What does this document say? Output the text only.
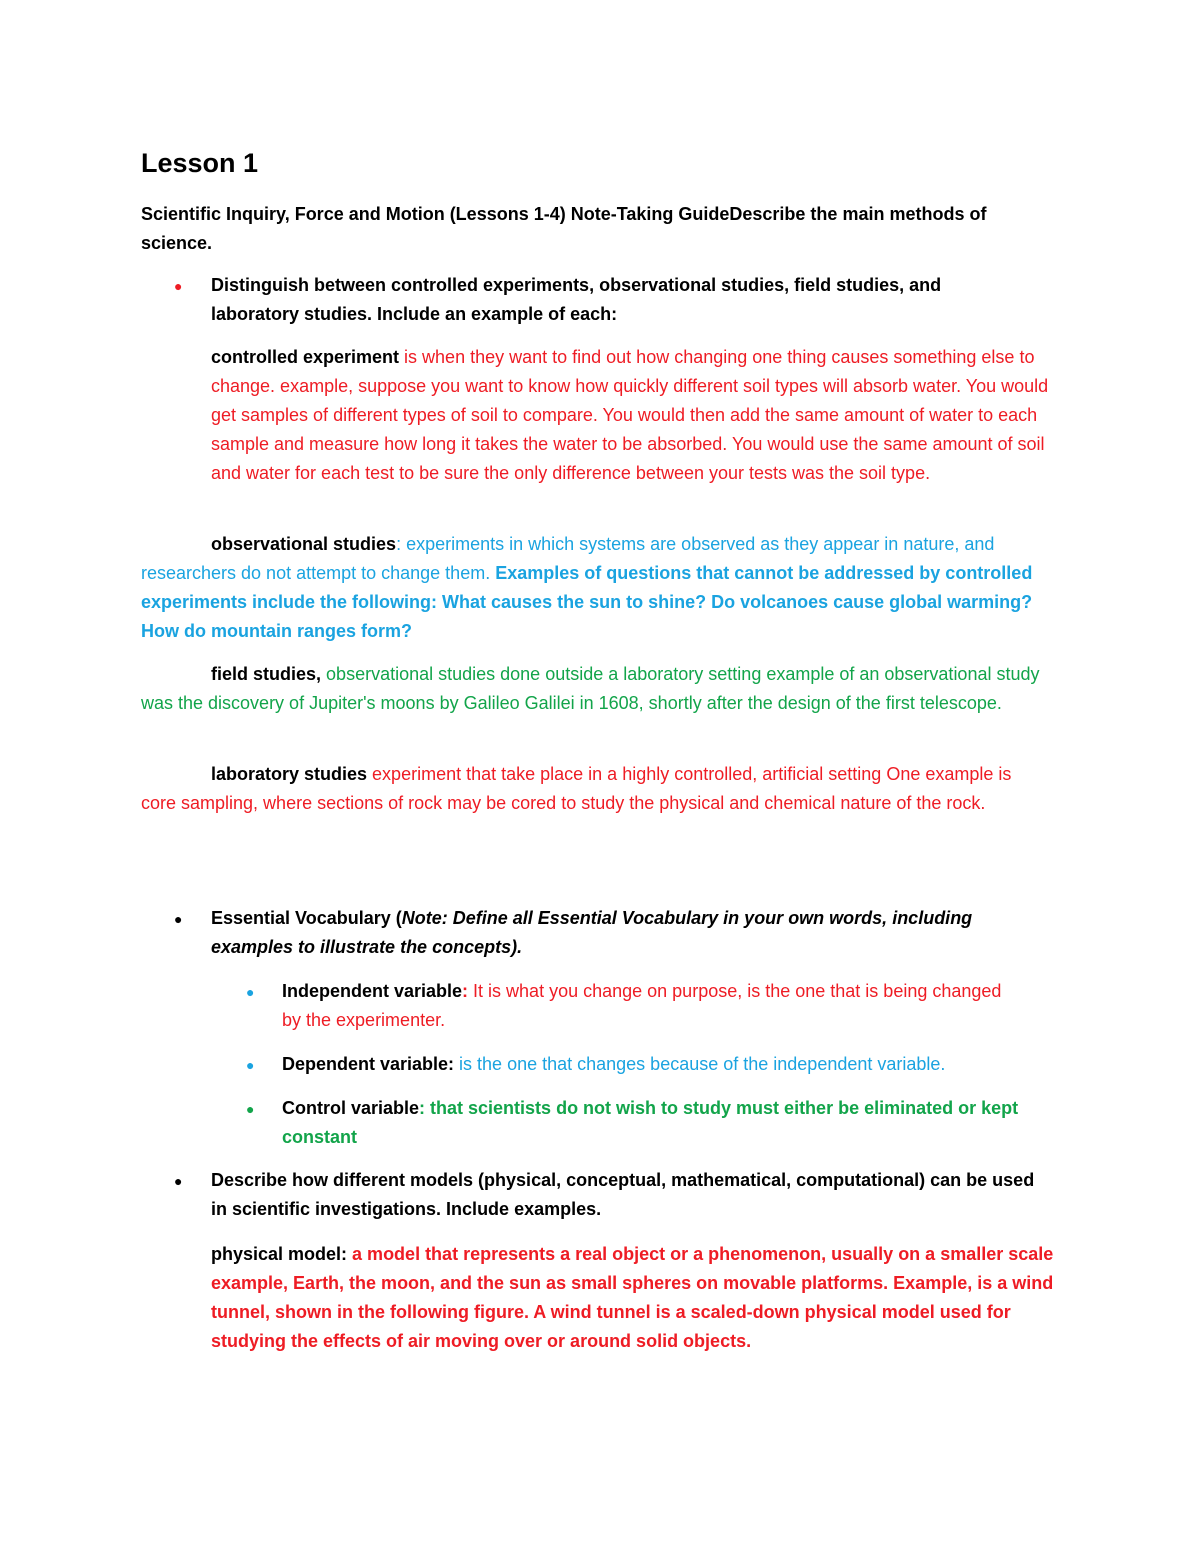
Lesson 1
Scientific Inquiry, Force and Motion (Lessons 1-4) Note-Taking GuideDescribe the main methods of science.
● Distinguish between controlled experiments, observational studies, field studies, and laboratory studies. Include an example of each:
controlled experiment is when they want to find out how changing one thing causes something else to change. example, suppose you want to know how quickly different soil types will absorb water. You would get samples of different types of soil to compare. You would then add the same amount of water to each sample and measure how long it takes the water to be absorbed. You would use the same amount of soil and water for each test to be sure the only difference between your tests was the soil type.
observational studies: experiments in which systems are observed as they appear in nature, and researchers do not attempt to change them. Examples of questions that cannot be addressed by controlled experiments include the following: What causes the sun to shine? Do volcanoes cause global warming? How do mountain ranges form?
field studies, observational studies done outside a laboratory setting example of an observational study was the discovery of Jupiter's moons by Galileo Galilei in 1608, shortly after the design of the first telescope.
laboratory studies experiment that take place in a highly controlled, artificial setting One example is core sampling, where sections of rock may be cored to study the physical and chemical nature of the rock.
● Essential Vocabulary (Note: Define all Essential Vocabulary in your own words, including examples to illustrate the concepts).
● Independent variable: It is what you change on purpose, is the one that is being changed by the experimenter.
● Dependent variable: is the one that changes because of the independent variable.
● Control variable: that scientists do not wish to study must either be eliminated or kept constant
● Describe how different models (physical, conceptual, mathematical, computational) can be used in scientific investigations. Include examples.
physical model: a model that represents a real object or a phenomenon, usually on a smaller scale example, Earth, the moon, and the sun as small spheres on movable platforms. Example, is a wind tunnel, shown in the following figure. A wind tunnel is a scaled-down physical model used for studying the effects of air moving over or around solid objects.
